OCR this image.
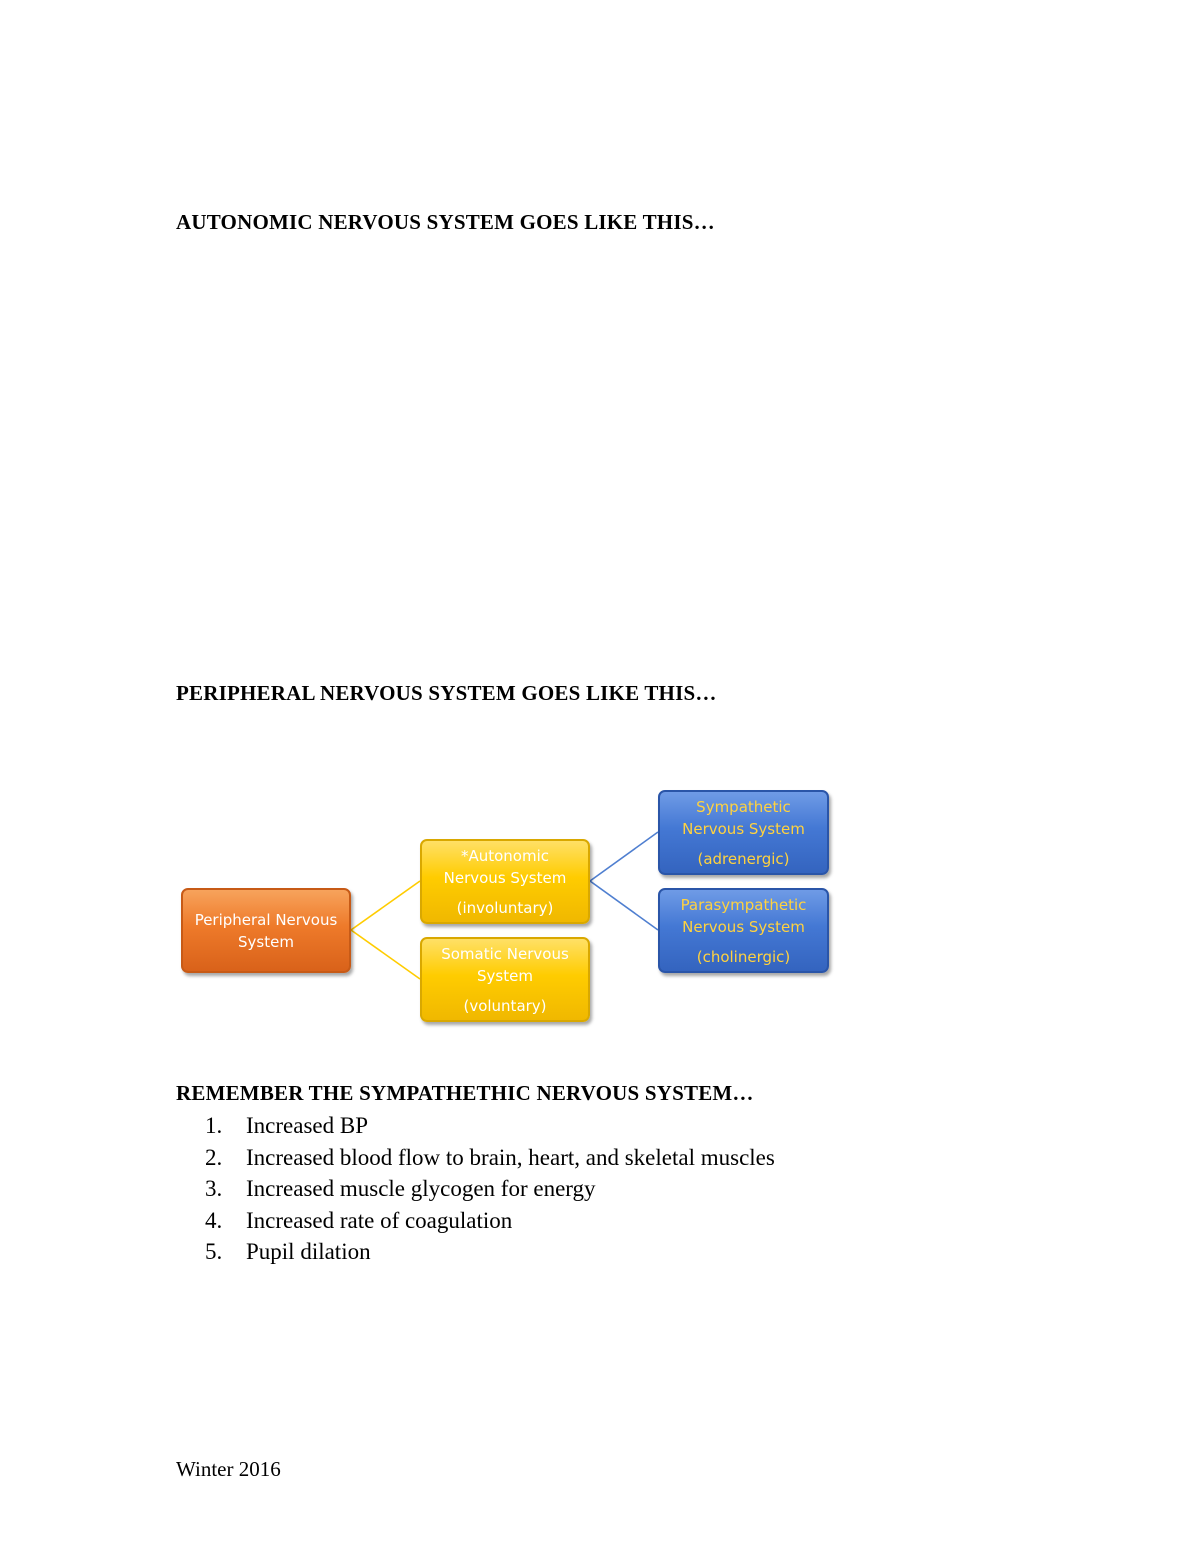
AUTONOMIC NERVOUS SYSTEM GOES LIKE THIS…
PERIPHERAL NERVOUS SYSTEM GOES LIKE THIS…
Peripheral Nervous
System
*Autonomic
Nervous System
(involuntary)
Somatic Nervous
System
(voluntary)
Sympathetic
Nervous System
(adrenergic)
Parasympathetic
Nervous System
(cholinergic)
REMEMBER THE SYMPATHETHIC NERVOUS SYSTEM…
1.	Increased BP
2.	Increased blood flow to brain, heart, and skeletal muscles
3.	Increased muscle glycogen for energy
4.	Increased rate of coagulation
5.	Pupil dilation

Winter 2016
